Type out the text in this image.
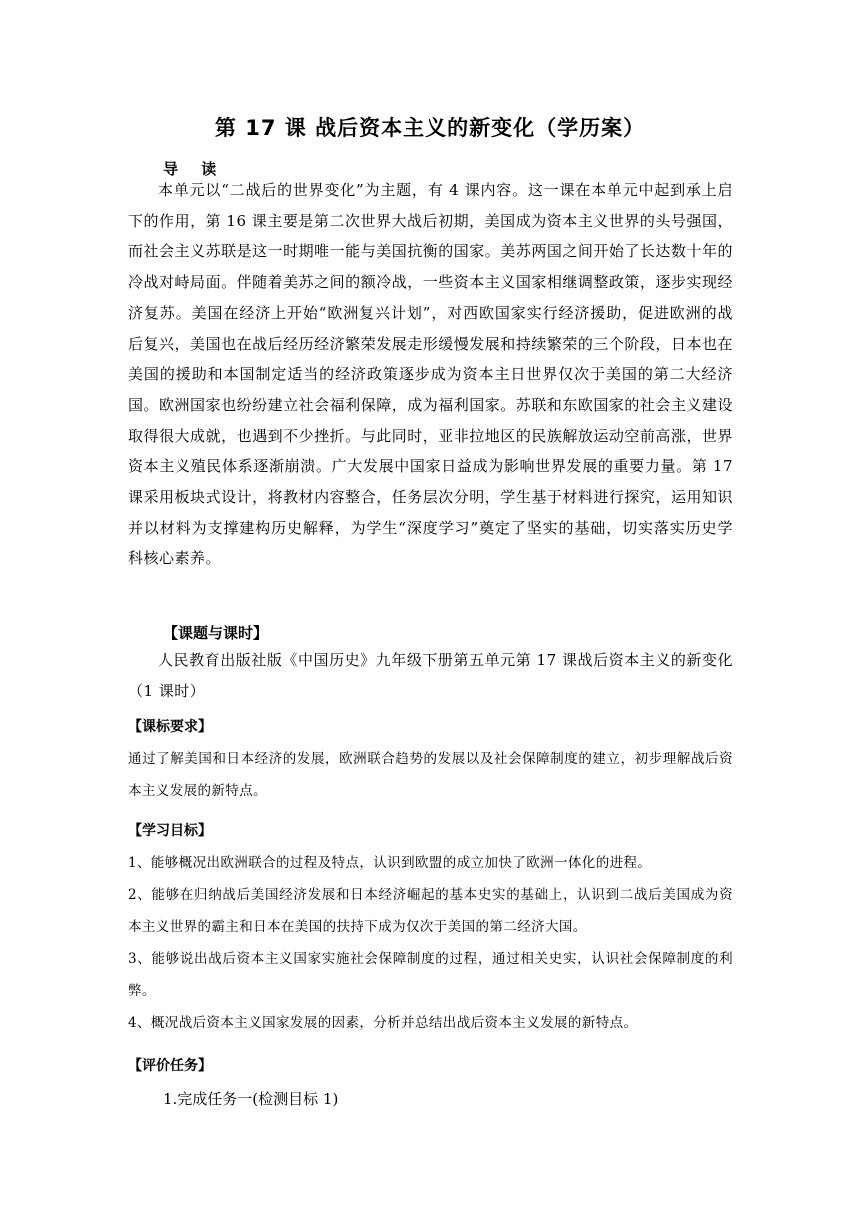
第 17 课 战后资本主义的新变化（学历案）
导 读
本单元以“二战后的世界变化”为主题，有 4 课内容。这一课在本单元中起到承上启下的作用，第 16 课主要是第二次世界大战后初期，美国成为资本主义世界的头号强国，而社会主义苏联是这一时期唯一能与美国抗衡的国家。美苏两国之间开始了长达数十年的冷战对峙局面。伴随着美苏之间的额冷战，一些资本主义国家相继调整政策，逐步实现经济复苏。美国在经济上开始“欧洲复兴计划”，对西欧国家实行经济援助，促进欧洲的战后复兴，美国也在战后经历经济繁荣发展走形缓慢发展和持续繁荣的三个阶段，日本也在美国的援助和本国制定适当的经济政策逐步成为资本主日世界仅次于美国的第二大经济国。欧洲国家也纷纷建立社会福利保障，成为福利国家。苏联和东欧国家的社会主义建设取得很大成就，也遇到不少挫折。与此同时，亚非拉地区的民族解放运动空前高涨，世界资本主义殖民体系逐渐崩溃。广大发展中国家日益成为影响世界发展的重要力量。第 17 课采用板块式设计，将教材内容整合，任务层次分明，学生基于材料进行探究，运用知识并以材料为支撑建构历史解释，为学生“深度学习”奠定了坚实的基础，切实落实历史学科核心素养。
【课题与课时】
人民教育出版社版《中国历史》九年级下册第五单元第 17 课战后资本主义的新变化（1 课时）
【课标要求】
通过了解美国和日本经济的发展，欧洲联合趋势的发展以及社会保障制度的建立，初步理解战后资本主义发展的新特点。
【学习目标】
1、能够概况出欧洲联合的过程及特点，认识到欧盟的成立加快了欧洲一体化的进程。
2、能够在归纳战后美国经济发展和日本经济崛起的基本史实的基础上，认识到二战后美国成为资本主义世界的霸主和日本在美国的扶持下成为仅次于美国的第二经济大国。
3、能够说出战后资本主义国家实施社会保障制度的过程，通过相关史实，认识社会保障制度的利弊。
4、概况战后资本主义国家发展的因素，分析并总结出战后资本主义发展的新特点。
【评价任务】
1.完成任务一(检测目标 1)
